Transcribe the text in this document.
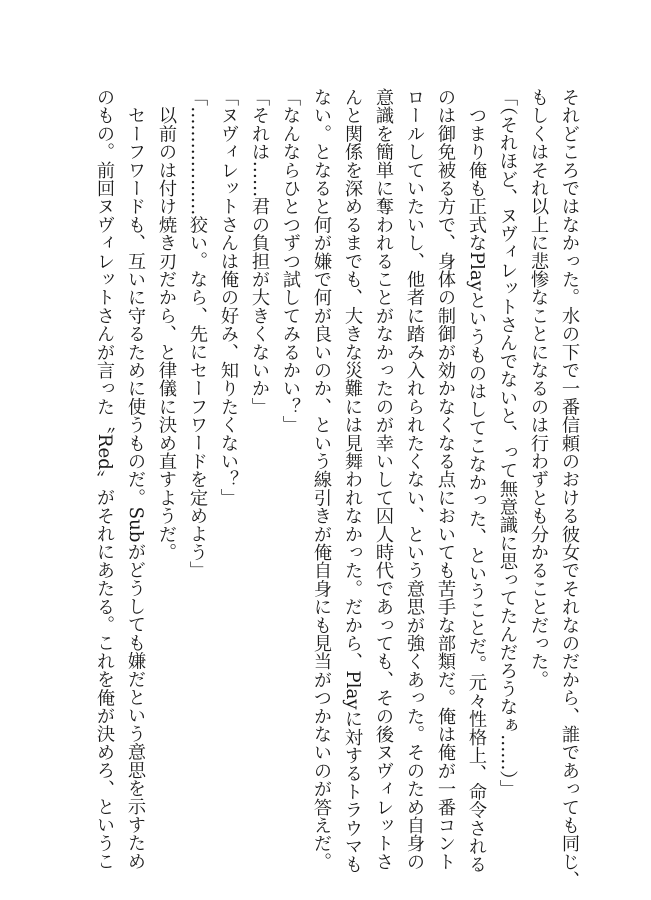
それどころではなかった。水の下で一番信頼のおける彼女でそれなのだから、誰であっても同じ、
もしくはそれ以上に悲惨なことになるのは行わずとも分かることだった。
「（それほど、ヌヴィレットさんでないと、って無意識に思ってたんだろうなぁ……）」
　つまり俺も正式なPlayというものはしてこなかった、ということだ。元々性格上、命令される
のは御免被る方で、身体の制御が効かなくなる点においても苦手な部類だ。俺は俺が一番コント
ロールしていたいし、他者に踏み入れられたくない、という意思が強くあった。そのため自身の
意識を簡単に奪われることがなかったのが幸いして囚人時代であっても、その後ヌヴィレットさ
んと関係を深めるまでも、大きな災難には見舞われなかった。だから、Playに対するトラウマも
ない。となると何が嫌で何が良いのか、という線引きが俺自身にも見当がつかないのが答えだ。
「なんならひとつずつ試してみるかい？」
「それは……君の負担が大きくないか」
「ヌヴィレットさんは俺の好み、知りたくない？」
「………………狡い。なら、先にセーフワードを定めよう」
　以前のは付け焼き刃だから、と律儀に決め直すようだ。
　セーフワードも、互いに守るために使うものだ。Subがどうしても嫌だという意思を示すため
のもの。前回ヌヴィレットさんが言った〝Red〟がそれにあたる。これを俺が決めろ、というこ
